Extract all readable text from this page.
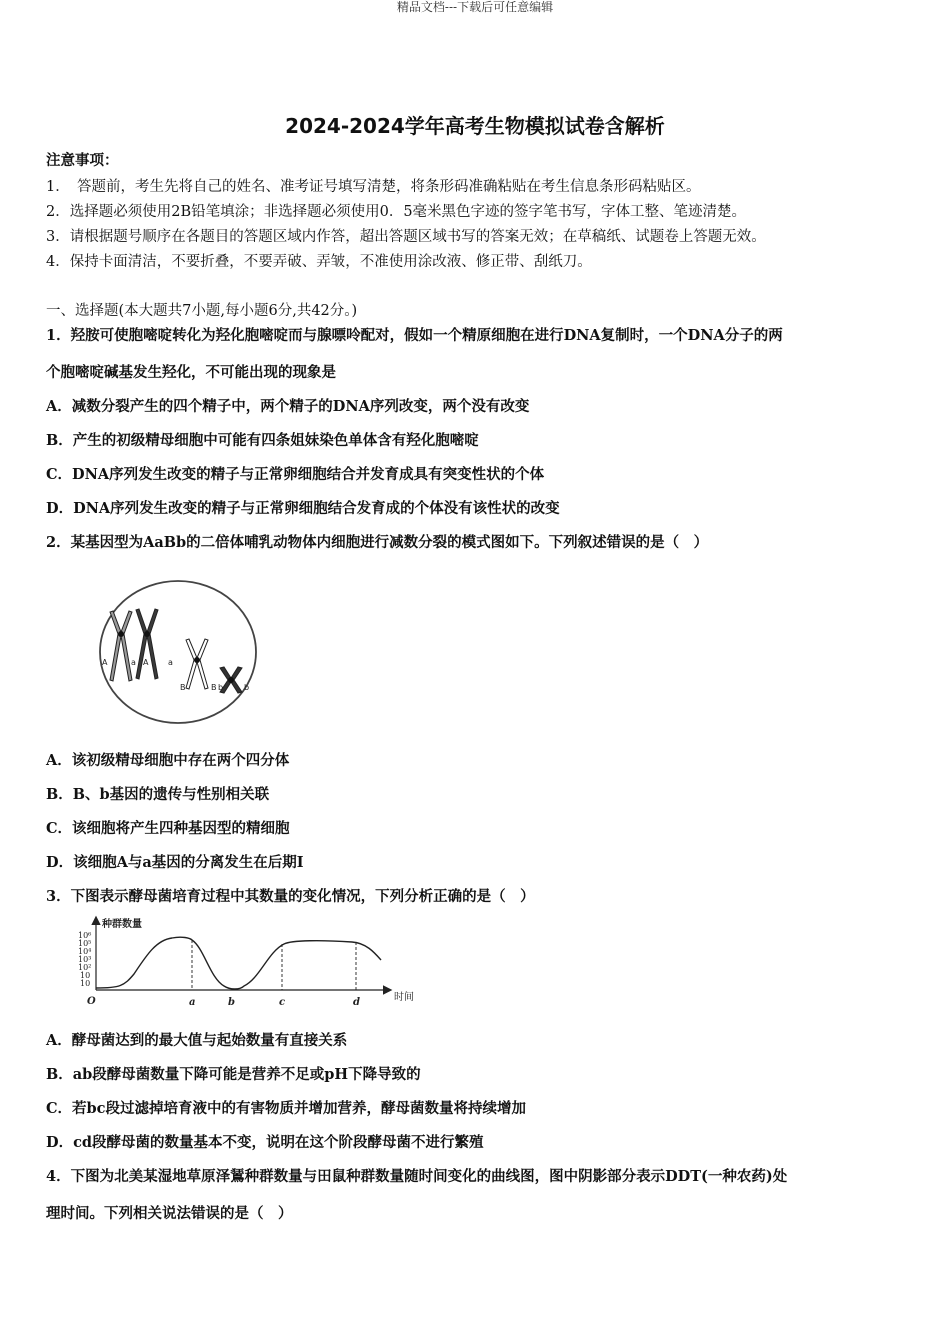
精品文档---下载后可任意编辑
2024-2024学年高考生物模拟试卷含解析
注意事项：
1．　答题前，考生先将自己的姓名、准考证号填写清楚，将条形码准确粘贴在考生信息条形码粘贴区。
2．选择题必须使用2B铅笔填涂；非选择题必须使用0．5毫米黑色字迹的签字笔书写，字体工整、笔迹清楚。
3．请根据题号顺序在各题目的答题区域内作答，超出答题区域书写的答案无效；在草稿纸、试题卷上答题无效。
4．保持卡面清洁，不要折叠，不要弄破、弄皱，不准使用涂改液、修正带、刮纸刀。
一、选择题(本大题共7小题,每小题6分,共42分。)
1．羟胺可使胞嘧啶转化为羟化胞嘧啶而与腺嘌呤配对，假如一个精原细胞在进行DNA复制时，一个DNA分子的两
个胞嘧啶碱基发生羟化，不可能出现的现象是
A．减数分裂产生的四个精子中，两个精子的DNA序列改变，两个没有改变
B．产生的初级精母细胞中可能有四条姐妹染色单体含有羟化胞嘧啶
C．DNA序列发生改变的精子与正常卵细胞结合并发育成具有突变性状的个体
D．DNA序列发生改变的精子与正常卵细胞结合发育成的个体没有该性状的改变
2．某基因型为AaBb的二倍体哺乳动物体内细胞进行减数分裂的模式图如下。下列叙述错误的是（　）
A	A
a	a
B	B b	b
A．该初级精母细胞中存在两个四分体
B．B、b基因的遗传与性别相关联
C．该细胞将产生四种基因型的精细胞
D．该细胞A与a基因的分离发生在后期Ⅰ
3．下图表示酵母菌培育过程中其数量的变化情况，下列分析正确的是（　）
10⁶
10⁵
10⁴
10³
10²
10
10
O	a	b	c	d
种群数量
时间
A．酵母菌达到的最大值与起始数量有直接关系
B．ab段酵母菌数量下降可能是营养不足或pH下降导致的
C．若bc段过滤掉培育液中的有害物质并增加营养，酵母菌数量将持续增加
D．cd段酵母菌的数量基本不变，说明在这个阶段酵母菌不进行繁殖
4．下图为北美某湿地草原泽鵟种群数量与田鼠种群数量随时间变化的曲线图，图中阴影部分表示DDT(一种农药)处
理时间。下列相关说法错误的是（　）
